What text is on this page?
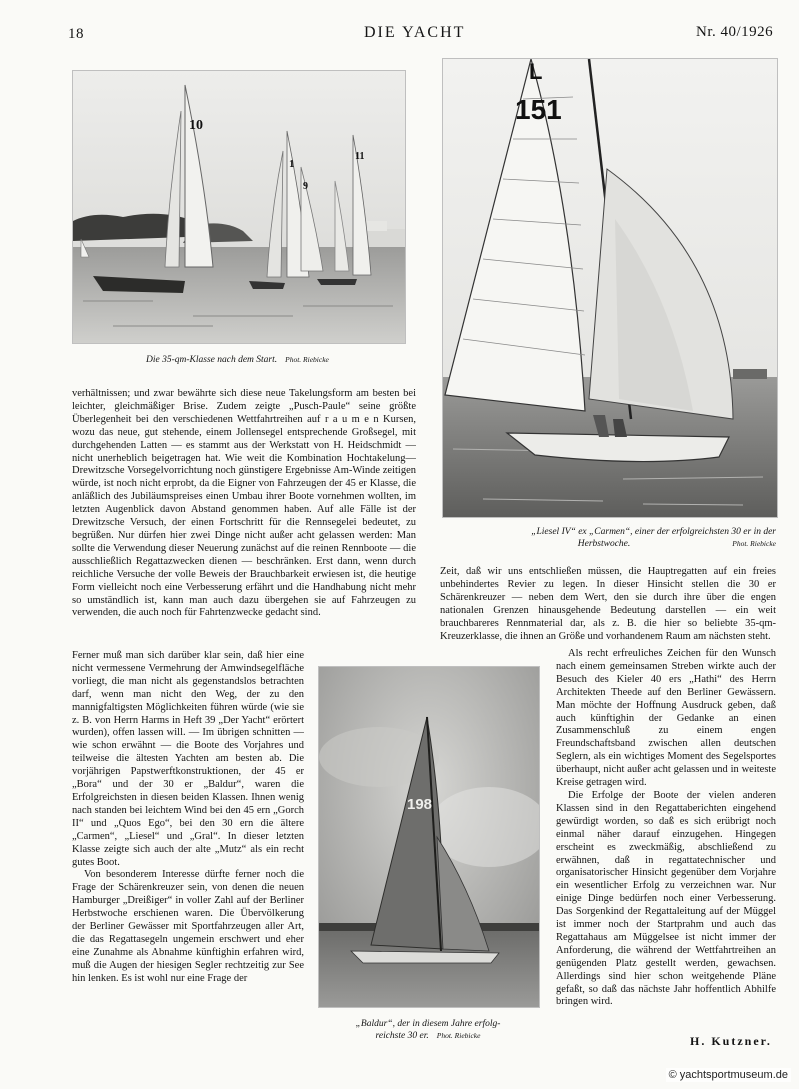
18	DIE YACHT	Nr. 40/1926
10
1
9
11
Die 35-qm-Klasse nach dem Start. Phot. Riebicke
L
151
„Liesel IV“ ex „Carmen“, einer der erfolgreichsten 30 er in der
Herbstwoche.	Phot. Riebicke
198
„Baldur“, der in diesem Jahre erfolg-
reichste 30 er. Phot. Riebicke

verhältnissen; und zwar bewährte sich diese neue Takelungsform am besten bei leichter, gleichmäßiger Brise. Zudem zeigte „Pusch-Paule“ seine größte Überlegenheit bei den verschiedenen Wettfahrtreihen auf r a u m e n Kursen, wozu das neue, gut stehende, einem Jollensegel entsprechende Großsegel, mit durchgehenden Latten — es stammt aus der Werkstatt von H. Heidschmidt — nicht unerheblich beigetragen hat. Wie weit die Kombination Hochtakelung—Drewitzsche Vorsegelvorrichtung noch günstigere Ergebnisse Am-Winde zeitigen würde, ist noch nicht erprobt, da die Eigner von Fahrzeugen der 45 er Klasse, die anläßlich des Jubiläumspreises einen Umbau ihrer Boote vornehmen wollten, im letzten Augenblick davon Abstand genommen haben. Auf alle Fälle ist der Drewitzsche Versuch, der einen Fortschritt für die Rennsegelei bedeutet, zu begrüßen. Nur dürfen hier zwei Dinge nicht außer acht gelassen werden: Man sollte die Verwendung dieser Neuerung zunächst auf die reinen Rennboote — die ausschließlich Regattazwecken dienen — beschränken. Erst dann, wenn durch reichliche Versuche der volle Beweis der Brauchbarkeit erwiesen ist, die heutige Form vielleicht noch eine Verbesserung erfährt und die Handhabung nicht mehr so umständlich ist, kann man auch dazu übergehen sie auf Fahrzeugen zu verwenden, die auch noch für Fahrtenzwecke gedacht sind.

Ferner muß man sich darüber klar sein, daß hier eine nicht vermessene Vermehrung der Amwindsegelfläche vorliegt, die man nicht als gegenstandslos betrachten darf, wenn man nicht den Weg, der zu den mannigfaltigsten Möglichkeiten führen würde (wie sie z. B. von Herrn Harms in Heft 39 „Der Yacht“ erörtert wurden), offen lassen will. — Im übrigen schnitten — wie schon erwähnt — die Boote des Vorjahres und teilweise die ältesten Yachten am besten ab. Die vorjährigen Papstwerftkonstruktionen, der 45 er „Bora“ und der 30 er „Baldur“, waren die Erfolgreichsten in diesen beiden Klassen. Ihnen wenig nach standen bei leichtem Wind bei den 45 ern „Gorch II“ und „Quos Ego“, bei den 30 ern die ältere „Carmen“, „Liesel“ und „Gral“. In dieser letzten Klasse zeigte sich auch der alte „Mutz“ als ein recht gutes Boot.

Von besonderem Interesse dürfte ferner noch die Frage der Schärenkreuzer sein, von denen die neuen Hamburger „Dreißiger“ in voller Zahl auf der Berliner Herbstwoche erschienen waren. Die Übervölkerung der Berliner Gewässer mit Sportfahrzeugen aller Art, die das Regattasegeln ungemein erschwert und eher eine Zunahme als Abnahme künftighin erfahren wird, muß die Augen der hiesigen Segler rechtzeitig zur See hin lenken. Es ist wohl nur eine Frage der

Zeit, daß wir uns entschließen müssen, die Hauptregatten auf ein freies unbehindertes Revier zu legen. In dieser Hinsicht stellen die 30 er Schärenkreuzer — neben dem Wert, den sie durch ihre über die engen nationalen Grenzen hinausgehende Bedeutung darstellen — ein weit brauchbareres Rennmaterial dar, als z. B. die hier so beliebte 35-qm-Kreuzerklasse, die ihnen an Größe und vorhandenem Raum am nächsten steht.

Als recht erfreuliches Zeichen für den Wunsch nach einem gemeinsamen Streben wirkte auch der Besuch des Kieler 40 ers „Hathi“ des Herrn Architekten Theede auf den Berliner Gewässern. Man möchte der Hoffnung Ausdruck geben, daß auch künftighin der Gedanke an einen Zusammenschluß zu einem engen Freundschaftsband zwischen allen deutschen Seglern, als ein wichtiges Moment des Segelsportes überhaupt, nicht außer acht gelassen und in weiteste Kreise getragen wird.

Die Erfolge der Boote der vielen anderen Klassen sind in den Regattaberichten eingehend gewürdigt worden, so daß es sich erübrigt noch einmal näher darauf einzugehen. Hingegen erscheint es zweckmäßig, abschließend zu erwähnen, daß in regattatechnischer und organisatorischer Hinsicht gegenüber dem Vorjahre ein wesentlicher Erfolg zu verzeichnen war. Nur einige Dinge bedürfen noch einer Verbesserung. Das Sorgenkind der Regattaleitung auf der Müggel ist immer noch der Startprahm und auch das Regattahaus am Müggelsee ist nicht immer der Anforderung, die während der Wettfahrtreihen an genügenden Platz gestellt werden, gewachsen. Allerdings sind hier schon weitgehende Pläne gefaßt, so daß das nächste Jahr hoffentlich Abhilfe bringen wird.

H. Kutzner.
© yachtsportmuseum.de
